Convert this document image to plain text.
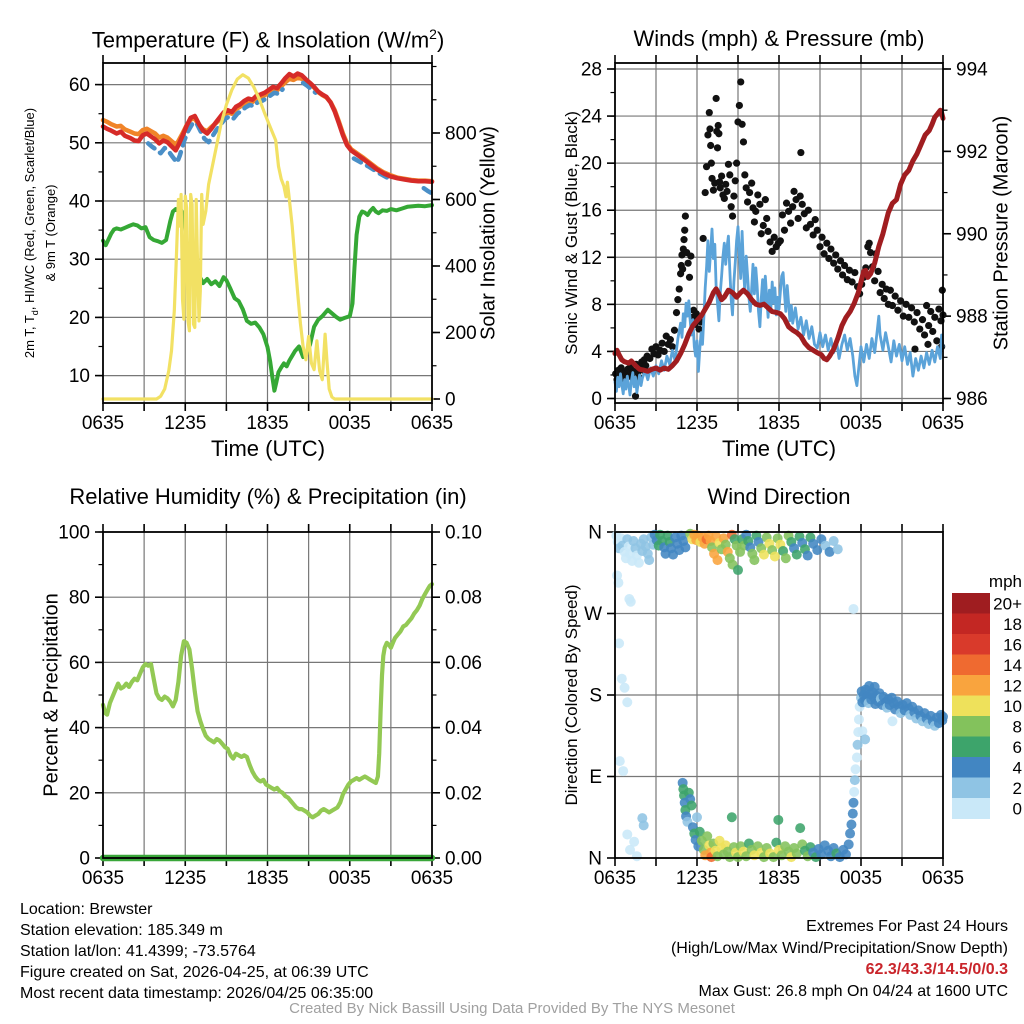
0635 1235 1835 0035 0635
10
20
30
40
50
60
0
200
400
600
800
0635 1235 1835 0035 0635
0
4
8
12
16
20
24
28
986
988
990
992
994
0635 1235 1835 0035 0635
0
20
40
60
80
100
0.00
0.02
0.04
0.06
0.08
0.10
0635 1235 1835 0035 0635
N
E
S
W
N
mph
20+
18
16
14
12
10
8
6
4
2
0
Temperature (F) & Insolation $(W/m^2)$	Winds (mph) & Pressure (mb)
Relative Humidity (%) & Precipitation (in)	Wind Direction
Time (UTC)	Time (UTC)
2m T, $T_d$, HI/WC (Red, Green, Scarlet/Blue) & 9m T (Orange)	Solar Insolation (Yellow)	Sonic Wind & Gust (Blue, Black)	Station Pressure (Maroon)
Percent & Precipitation	Direction (Colored By Speed)
Location: Brewster
Station elevation: 185.349 m
Station lat/lon: 41.4399; -73.5764
Figure created on Sat, 2026-04-25, at 06:39 UTC
Most recent data timestamp: 2026/04/25 06:35:00
Extremes For Past 24 Hours
(High/Low/Max Wind/Precipitation/Snow Depth)
62.3/43.3/14.5/0/0.3
Max Gust: 26.8 mph On 04/24 at 1600 UTC
Created By Nick Bassill Using Data Provided By The NYS Mesonet
